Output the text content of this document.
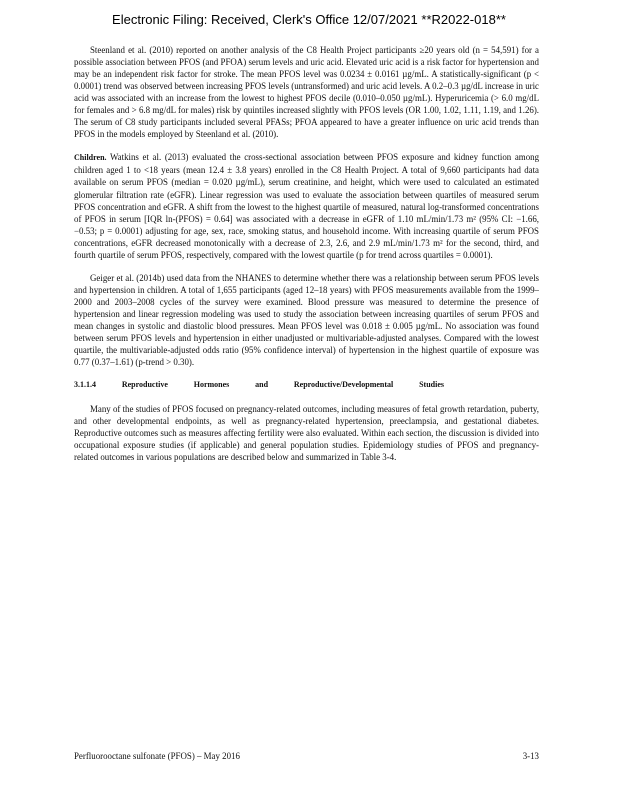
Electronic Filing: Received, Clerk's Office 12/07/2021 **R2022-018**

Steenland et al. (2010) reported on another analysis of the C8 Health Project participants ≥20 years old (n = 54,591) for a possible association between PFOS (and PFOA) serum levels and uric acid. Elevated uric acid is a risk factor for hypertension and may be an independent risk factor for stroke. The mean PFOS level was 0.0234 ± 0.0161 µg/mL. A statistically-significant (p < 0.0001) trend was observed between increasing PFOS levels (untransformed) and uric acid levels. A 0.2–0.3 µg/dL increase in uric acid was associated with an increase from the lowest to highest PFOS decile (0.010–0.050 µg/mL). Hyperuricemia (> 6.0 mg/dL for females and > 6.8 mg/dL for males) risk by quintiles increased slightly with PFOS levels (OR 1.00, 1.02, 1.11, 1.19, and 1.26). The serum of C8 study participants included several PFASs; PFOA appeared to have a greater influence on uric acid trends than PFOS in the models employed by Steenland et al. (2010).

Children. Watkins et al. (2013) evaluated the cross-sectional association between PFOS exposure and kidney function among children aged 1 to <18 years (mean 12.4 ± 3.8 years) enrolled in the C8 Health Project. A total of 9,660 participants had data available on serum PFOS (median = 0.020 µg/mL), serum creatinine, and height, which were used to calculated an estimated glomerular filtration rate (eGFR). Linear regression was used to evaluate the association between quartiles of measured serum PFOS concentration and eGFR. A shift from the lowest to the highest quartile of measured, natural log-transformed concentrations of PFOS in serum [IQR ln-(PFOS) = 0.64] was associated with a decrease in eGFR of 1.10 mL/min/1.73 m² (95% CI: −1.66, −0.53; p = 0.0001) adjusting for age, sex, race, smoking status, and household income. With increasing quartile of serum PFOS concentrations, eGFR decreased monotonically with a decrease of 2.3, 2.6, and 2.9 mL/min/1.73 m² for the second, third, and fourth quartile of serum PFOS, respectively, compared with the lowest quartile (p for trend across quartiles = 0.0001).

Geiger et al. (2014b) used data from the NHANES to determine whether there was a relationship between serum PFOS levels and hypertension in children. A total of 1,655 participants (aged 12–18 years) with PFOS measurements available from the 1999–2000 and 2003–2008 cycles of the survey were examined. Blood pressure was measured to determine the presence of hypertension and linear regression modeling was used to study the association between increasing quartiles of serum PFOS and mean changes in systolic and diastolic blood pressures. Mean PFOS level was 0.018 ± 0.005 µg/mL. No association was found between serum PFOS levels and hypertension in either unadjusted or multivariable-adjusted analyses. Compared with the lowest quartile, the multivariable-adjusted odds ratio (95% confidence interval) of hypertension in the highest quartile of exposure was 0.77 (0.37–1.61) (p-trend > 0.30).

3.1.1.4	Reproductive	Hormones	and	Reproductive/Developmental	Studies

Many of the studies of PFOS focused on pregnancy-related outcomes, including measures of fetal growth retardation, puberty, and other developmental endpoints, as well as pregnancy-related hypertension, preeclampsia, and gestational diabetes. Reproductive outcomes such as measures affecting fertility were also evaluated. Within each section, the discussion is divided into occupational exposure studies (if applicable) and general population studies. Epidemiology studies of PFOS and pregnancy-related outcomes in various populations are described below and summarized in Table 3-4.

Perfluorooctane sulfonate (PFOS) – May 2016	3-13
